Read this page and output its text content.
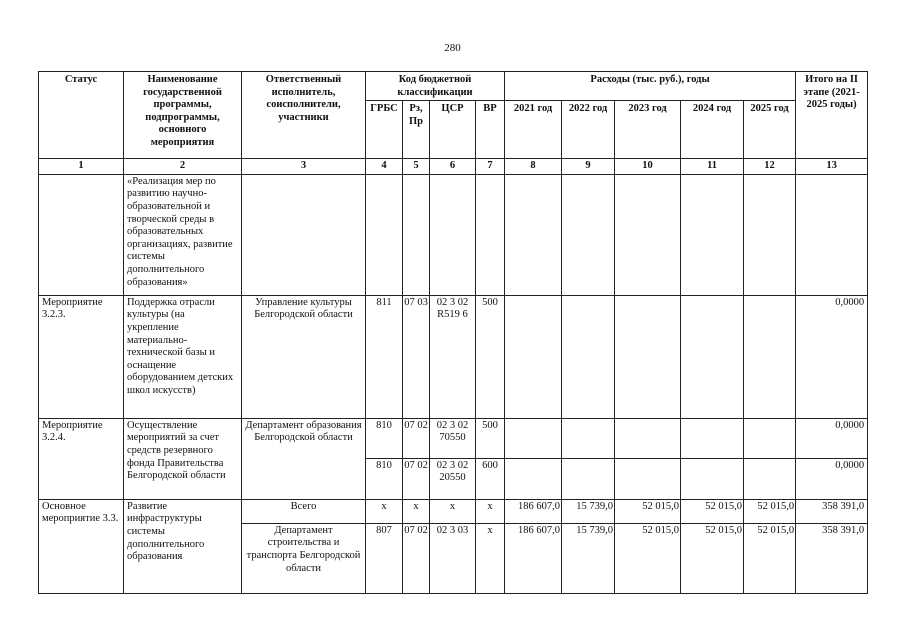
280
Статус	Наименование государственной программы, подпрограммы, основного мероприятия	Ответственный исполнитель, соисполнители, участники	Код бюджетной классификации				Расходы (тыс. руб.), годы					Итого на II этапе (2021-2025 годы)
			ГРБС	Рз, Пр	ЦСР	ВР	2021 год	2022 год	2023 год	2024 год	2025 год	
1	2	3	4	5	6	7	8	9	10	11	12	13
	«Реализация мер по развитию научно-образовательной и творческой среды в образовательных организациях, развитие системы дополнительного образования»											
Мероприятие 3.2.3.	Поддержка отрасли культуры (на укрепление материально-технической базы и оснащение оборудованием детских школ искусств)	Управление культуры Белгородской области	811	07 03	02 3 02 R519 6	500						0,0000
Мероприятие 3.2.4.	Осуществление мероприятий за счет средств резервного фонда Правительства Белгородской области	Департамент образования Белгородской области	810	07 02	02 3 02 70550	500						0,0000
			810	07 02	02 3 02 20550	600						0,0000
Основное мероприятие 3.3.	Развитие инфраструктуры системы дополнительного образования	Всего	х	х	х	х	186 607,0	15 739,0	52 015,0	52 015,0	52 015,0	358 391,0
		Департамент строительства и транспорта Белгородской области	807	07 02	02 3 03	х	186 607,0	15 739,0	52 015,0	52 015,0	52 015,0	358 391,0
